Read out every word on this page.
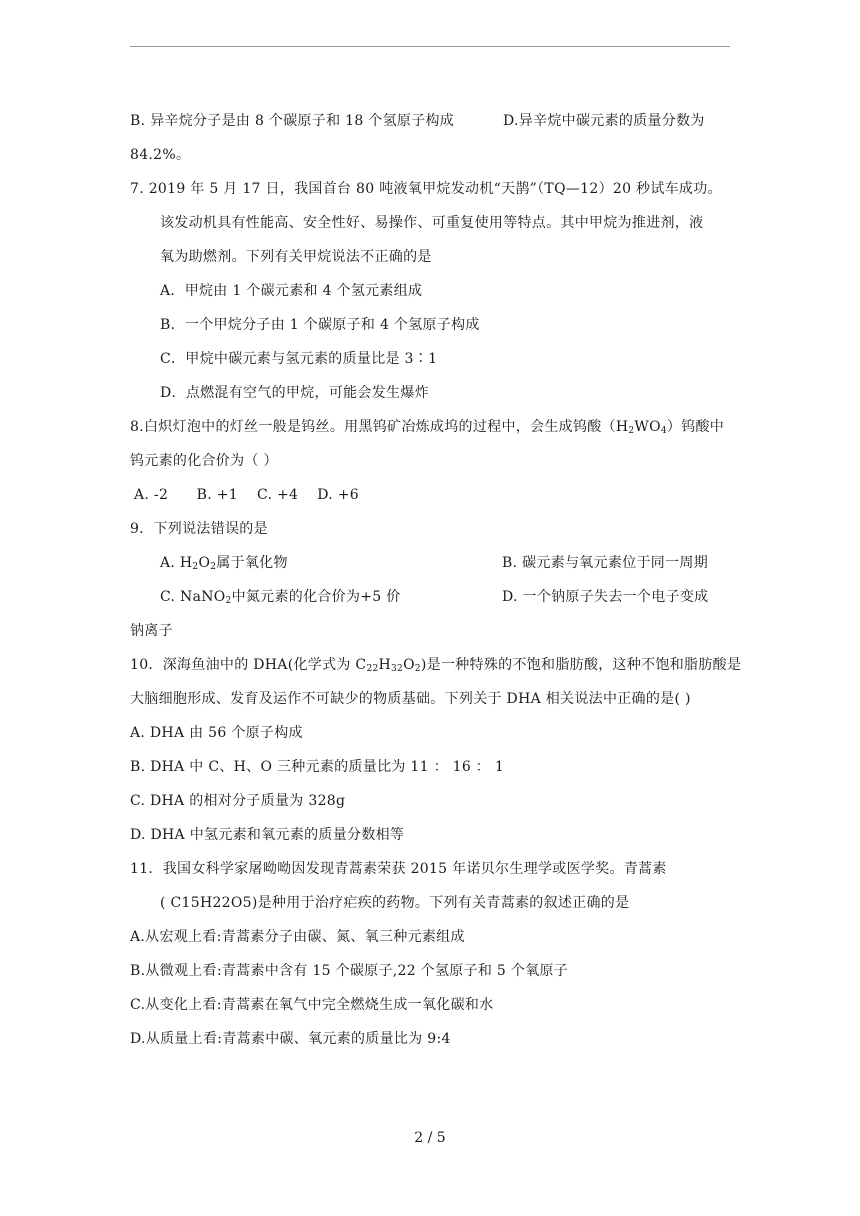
B. 异辛烷分子是由 8 个碳原子和 18 个氢原子构成	D.异辛烷中碳元素的质量分数为
84.2%。
7. 2019 年 5 月 17 日，我国首台 80 吨液氧甲烷发动机“天鹊”（TQ—12）20 秒试车成功。
该发动机具有性能高、安全性好、易操作、可重复使用等特点。其中甲烷为推进剂，液
氧为助燃剂。下列有关甲烷说法不正确的是
A．甲烷由 1 个碳元素和 4 个氢元素组成
B．一个甲烷分子由 1 个碳原子和 4 个氢原子构成
C．甲烷中碳元素与氢元素的质量比是 3∶1
D．点燃混有空气的甲烷，可能会发生爆炸
8.白炽灯泡中的灯丝一般是钨丝。用黑钨矿冶炼成坞的过程中，会生成钨酸$(H_2WO_4)$钨酸中
钨元素的化合价为（ ）
A. -2      B. +1    C. +4    D. +6
9．下列说法错误的是
A. $H_2O_2$属于氧化物	B. 碳元素与氧元素位于同一周期
C. NaNO$_2$中氮元素的化合价为+5 价	D. 一个钠原子失去一个电子变成
钠离子
10．深海鱼油中的 DHA(化学式为 $C_{22}H_{32}O_2$)是一种特殊的不饱和脂肪酸，这种不饱和脂肪酸是
大脑细胞形成、发育及运作不可缺少的物质基础。下列关于 DHA 相关说法中正确的是( )
A. DHA 由 56 个原子构成
B. DHA 中 C、H、O 三种元素的质量比为 11 ： 16 ： 1
C. DHA 的相对分子质量为 328g
D. DHA 中氢元素和氧元素的质量分数相等
11．我国女科学家屠呦呦因发现青蒿素荣获 2015 年诺贝尔生理学或医学奖。青蒿素
( C15H22O5)是种用于治疗疟疾的药物。下列有关青蒿素的叙述正确的是
A.从宏观上看:青蒿素分子由碳、氮、氧三种元素组成
B.从微观上看:青蒿素中含有 15 个碳原子,22 个氢原子和 5 个氧原子
C.从变化上看:青蒿素在氧气中完全燃烧生成一氧化碳和水
D.从质量上看:青蒿素中碳、氧元素的质量比为 9:4
2 / 5
